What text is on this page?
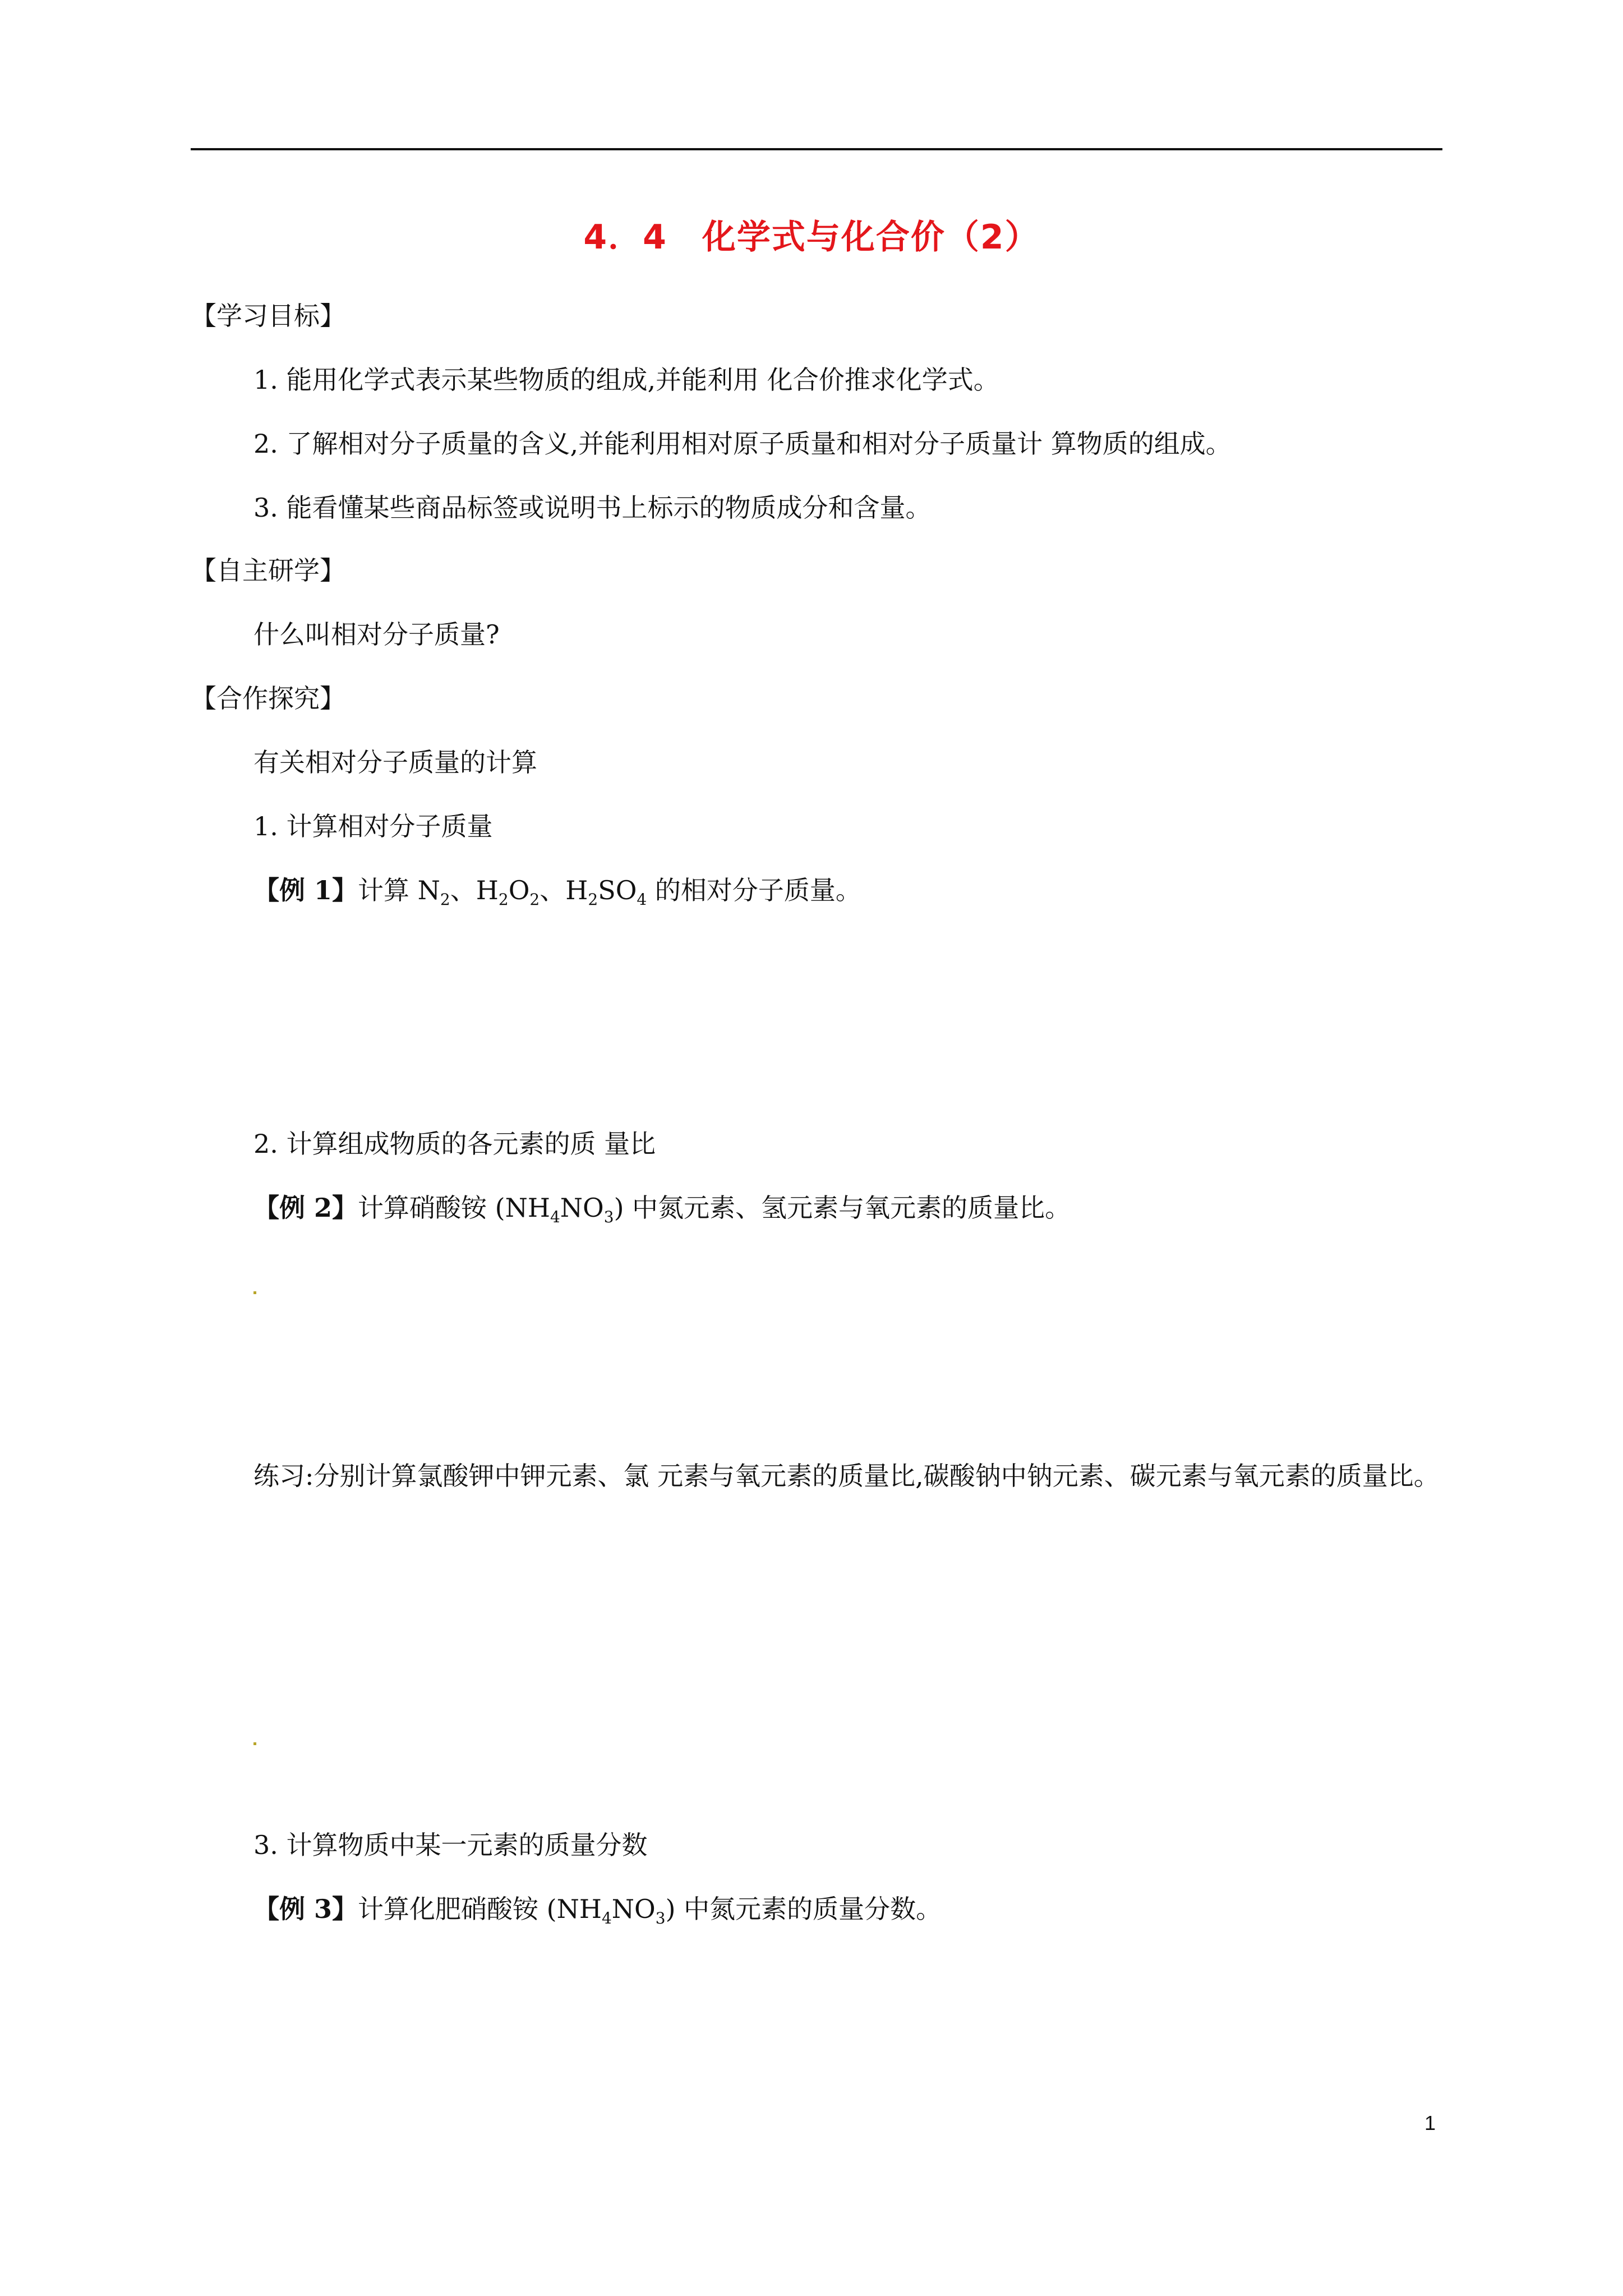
4．4　化学式与化合价（2）
【学习目标】
1. 能用化学式表示某些物质的组成,并能利用 化合价推求化学式。
2. 了解相对分子质量的含义,并能利用相对原子质量和相对分子质量计 算物质的组成。
3. 能看懂某些商品标签或说明书上标示的物质成分和含量。
【自主研学】
什么叫相对分子质量?
【合作探究】
有关相对分子质量的计算
1. 计算相对分子质量
【例 1】计算 $N_2$、$H_2O_2$、$H_2SO_4$ 的相对分子质量。
2. 计算组成物质的各元素的质 量比
【例 2】计算硝酸铵 $(NH_4NO_3)$ 中氮元素、氢元素与氧元素的质量比。
练习:分别计算氯酸钾中钾元素、氯 元素与氧元素的质量比,碳酸钠中钠元素、碳元素与氧元素的质量比。
3. 计算物质中某一元素的质量分数
【例 3】计算化肥硝酸铵 $(NH_4NO_3)$ 中氮元素的质量分数。
1
